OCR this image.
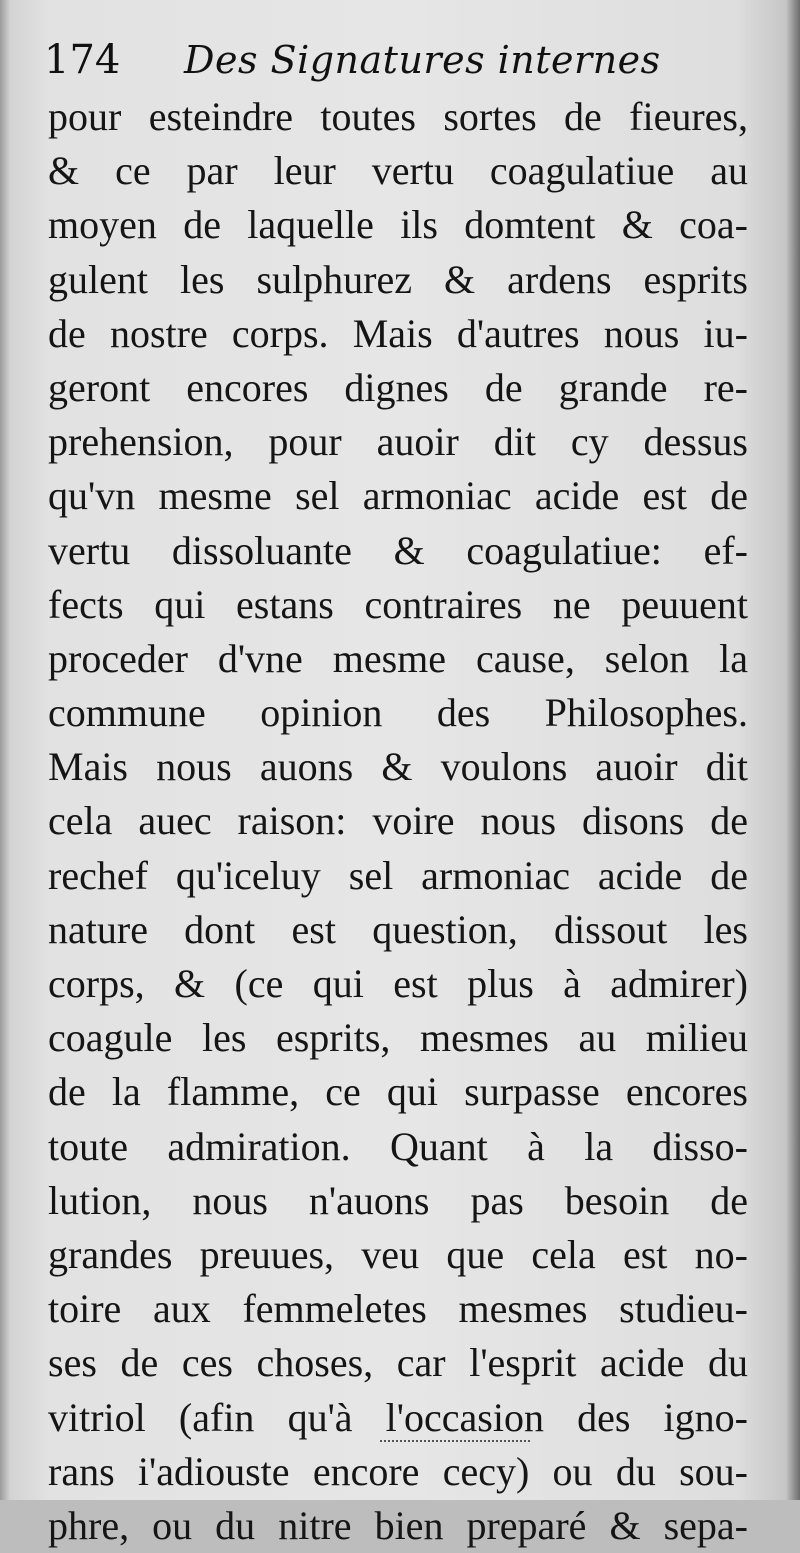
174 Des Signatures internes
pour esteindre toutes sortes de fieures,
& ce par leur vertu coagulatiue au
moyen de laquelle ils domtent & coa-
gulent les sulphurez & ardens esprits
de nostre corps. Mais d'autres nous iu-
geront encores dignes de grande re-
prehension, pour auoir dit cy dessus
qu'vn mesme sel armoniac acide est de
vertu dissoluante & coagulatiue: ef-
fects qui estans contraires ne peuuent
proceder d'vne mesme cause, selon la
commune opinion des Philosophes.
Mais nous auons & voulons auoir dit
cela auec raison: voire nous disons de
rechef qu'iceluy sel armoniac acide de
nature dont est question, dissout les
corps, & (ce qui est plus à admirer)
coagule les esprits, mesmes au milieu
de la flamme, ce qui surpasse encores
toute admiration. Quant à la disso-
lution, nous n'auons pas besoin de
grandes preuues, veu que cela est no-
toire aux femmeletes mesmes studieu-
ses de ces choses, car l'esprit acide du
vitriol (afin qu'à l'occasion des igno-
rans i'adiouste encore cecy) ou du sou-
phre, ou du nitre bien preparé & sepa-
